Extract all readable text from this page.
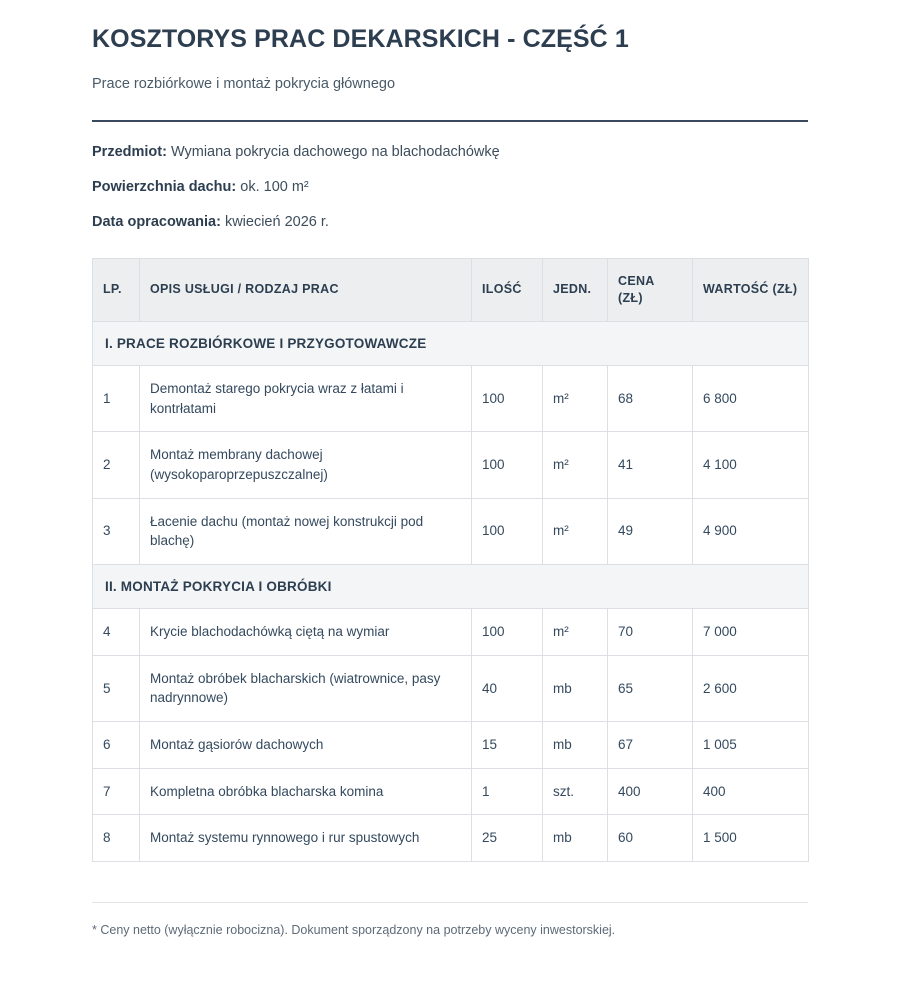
KOSZTORYS PRAC DEKARSKICH - CZĘŚĆ 1

Prace rozbiórkowe i montaż pokrycia głównego

Przedmiot: Wymiana pokrycia dachowego na blachodachówkę

Powierzchnia dachu: ok. 100 m²

Data opracowania: kwiecień 2026 r.

LP.	OPIS USŁUGI / RODZAJ PRAC	ILOŚĆ	JEDN.	CENA (ZŁ)	WARTOŚĆ (ZŁ)
I. PRACE ROZBIÓRKOWE I PRZYGOTOWAWCZE					
1	Demontaż starego pokrycia wraz z łatami i kontrłatami	100	m²	68	6 800
2	Montaż membrany dachowej (wysokoparoprzepuszczalnej)	100	m²	41	4 100
3	Łacenie dachu (montaż nowej konstrukcji pod blachę)	100	m²	49	4 900
II. MONTAŻ POKRYCIA I OBRÓBKI					
4	Krycie blachodachówką ciętą na wymiar	100	m²	70	7 000
5	Montaż obróbek blacharskich (wiatrownice, pasy nadrynnowe)	40	mb	65	2 600
6	Montaż gąsiorów dachowych	15	mb	67	1 005
7	Kompletna obróbka blacharska komina	1	szt.	400	400
8	Montaż systemu rynnowego i rur spustowych	25	mb	60	1 500

* Ceny netto (wyłącznie robocizna). Dokument sporządzony na potrzeby wyceny inwestorskiej.
